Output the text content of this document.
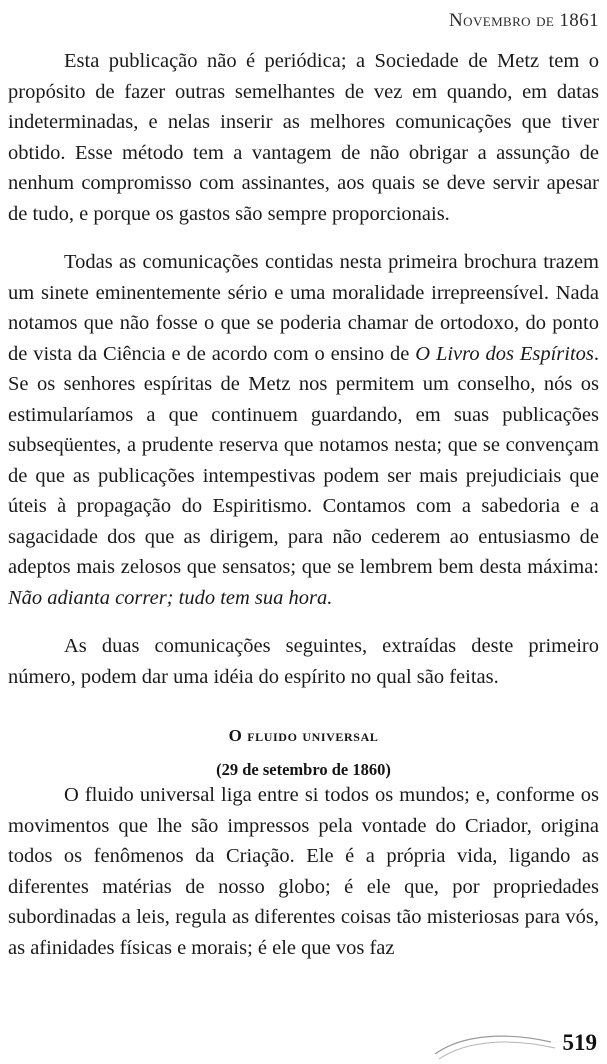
Novembro de 1861

Esta publicação não é periódica; a Sociedade de Metz tem o propósito de fazer outras semelhantes de vez em quando, em datas indeterminadas, e nelas inserir as melhores comunicações que tiver obtido. Esse método tem a vantagem de não obrigar a assunção de nenhum compromisso com assinantes, aos quais se deve servir apesar de tudo, e porque os gastos são sempre proporcionais.

Todas as comunicações contidas nesta primeira brochura trazem um sinete eminentemente sério e uma moralidade irrepreensível. Nada notamos que não fosse o que se poderia chamar de ortodoxo, do ponto de vista da Ciência e de acordo com o ensino de O Livro dos Espíritos. Se os senhores espíritas de Metz nos permitem um conselho, nós os estimularíamos a que continuem guardando, em suas publicações subseqüentes, a prudente reserva que notamos nesta; que se convençam de que as publicações intempestivas podem ser mais prejudiciais que úteis à propagação do Espiritismo. Contamos com a sabedoria e a sagacidade dos que as dirigem, para não cederem ao entusiasmo de adeptos mais zelosos que sensatos; que se lembrem bem desta máxima: Não adianta correr; tudo tem sua hora.

As duas comunicações seguintes, extraídas deste primeiro número, podem dar uma idéia do espírito no qual são feitas.

O fluido universal
(29 de setembro de 1860)

O fluido universal liga entre si todos os mundos; e, conforme os movimentos que lhe são impressos pela vontade do Criador, origina todos os fenômenos da Criação. Ele é a própria vida, ligando as diferentes matérias de nosso globo; é ele que, por propriedades subordinadas a leis, regula as diferentes coisas tão misteriosas para vós, as afinidades físicas e morais; é ele que vos faz

519
